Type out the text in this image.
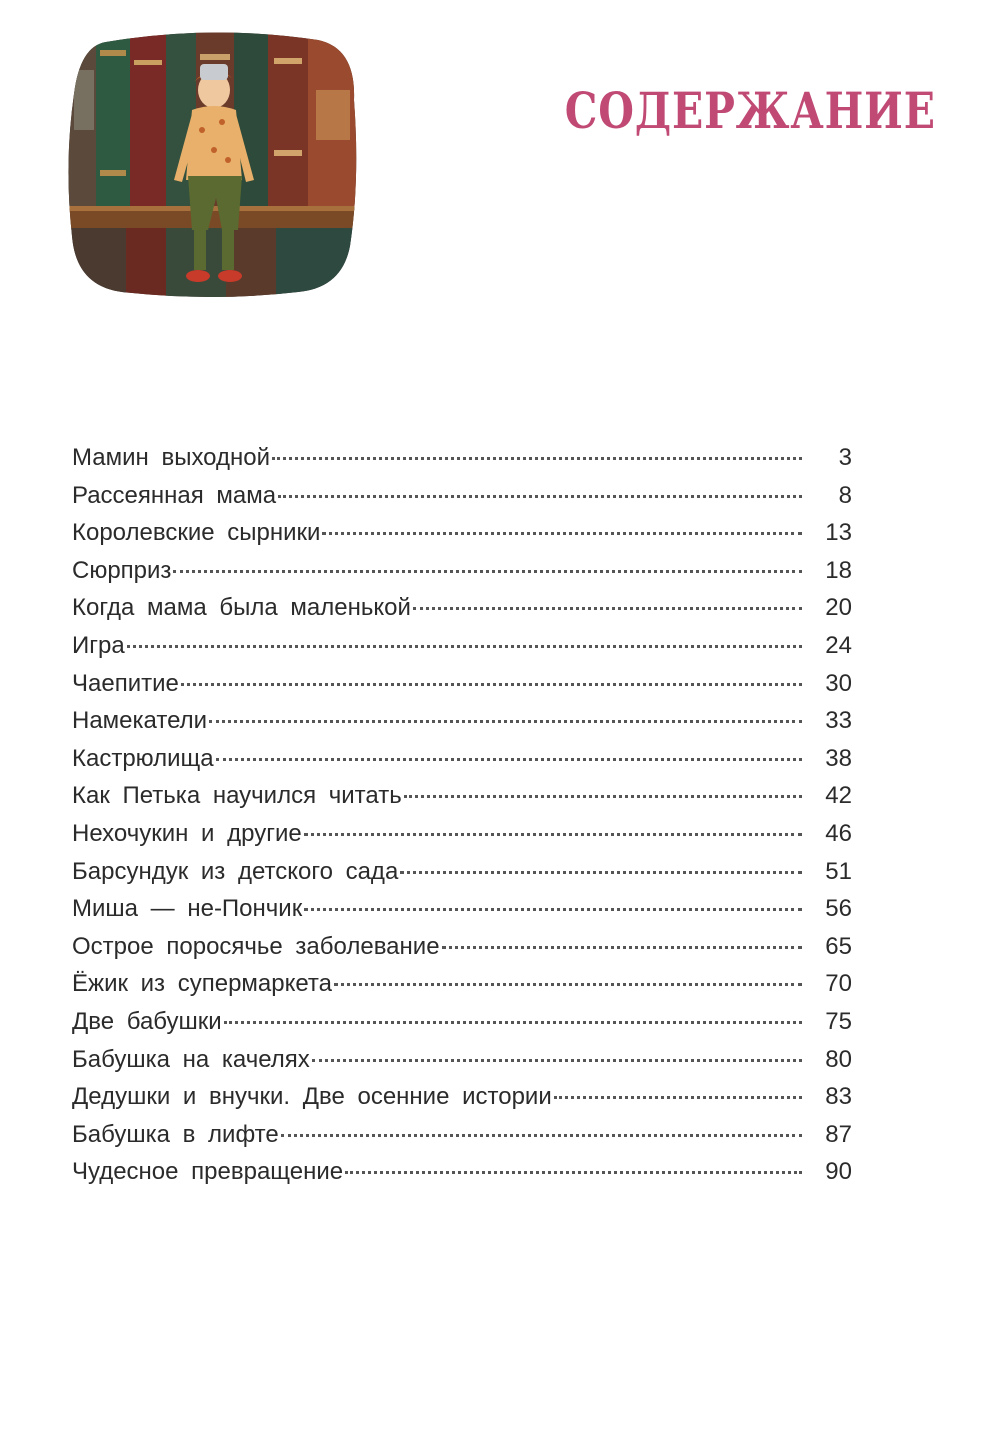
СОДЕРЖАНИЕ
Мамин выходной	3
Рассеянная мама	8
Королевские сырники	13
Сюрприз	18
Когда мама была маленькой	20
Игра	24
Чаепитие	30
Намекатели	33
Кастрюлища	38
Как Петька научился читать	42
Нехочукин и другие	46
Барсундук из детского сада	51
Миша — не-Пончик	56
Острое поросячье заболевание	65
Ёжик из супермаркета	70
Две бабушки	75
Бабушка на качелях	80
Дедушки и внучки. Две осенние истории	83
Бабушка в лифте	87
Чудесное превращение	90
